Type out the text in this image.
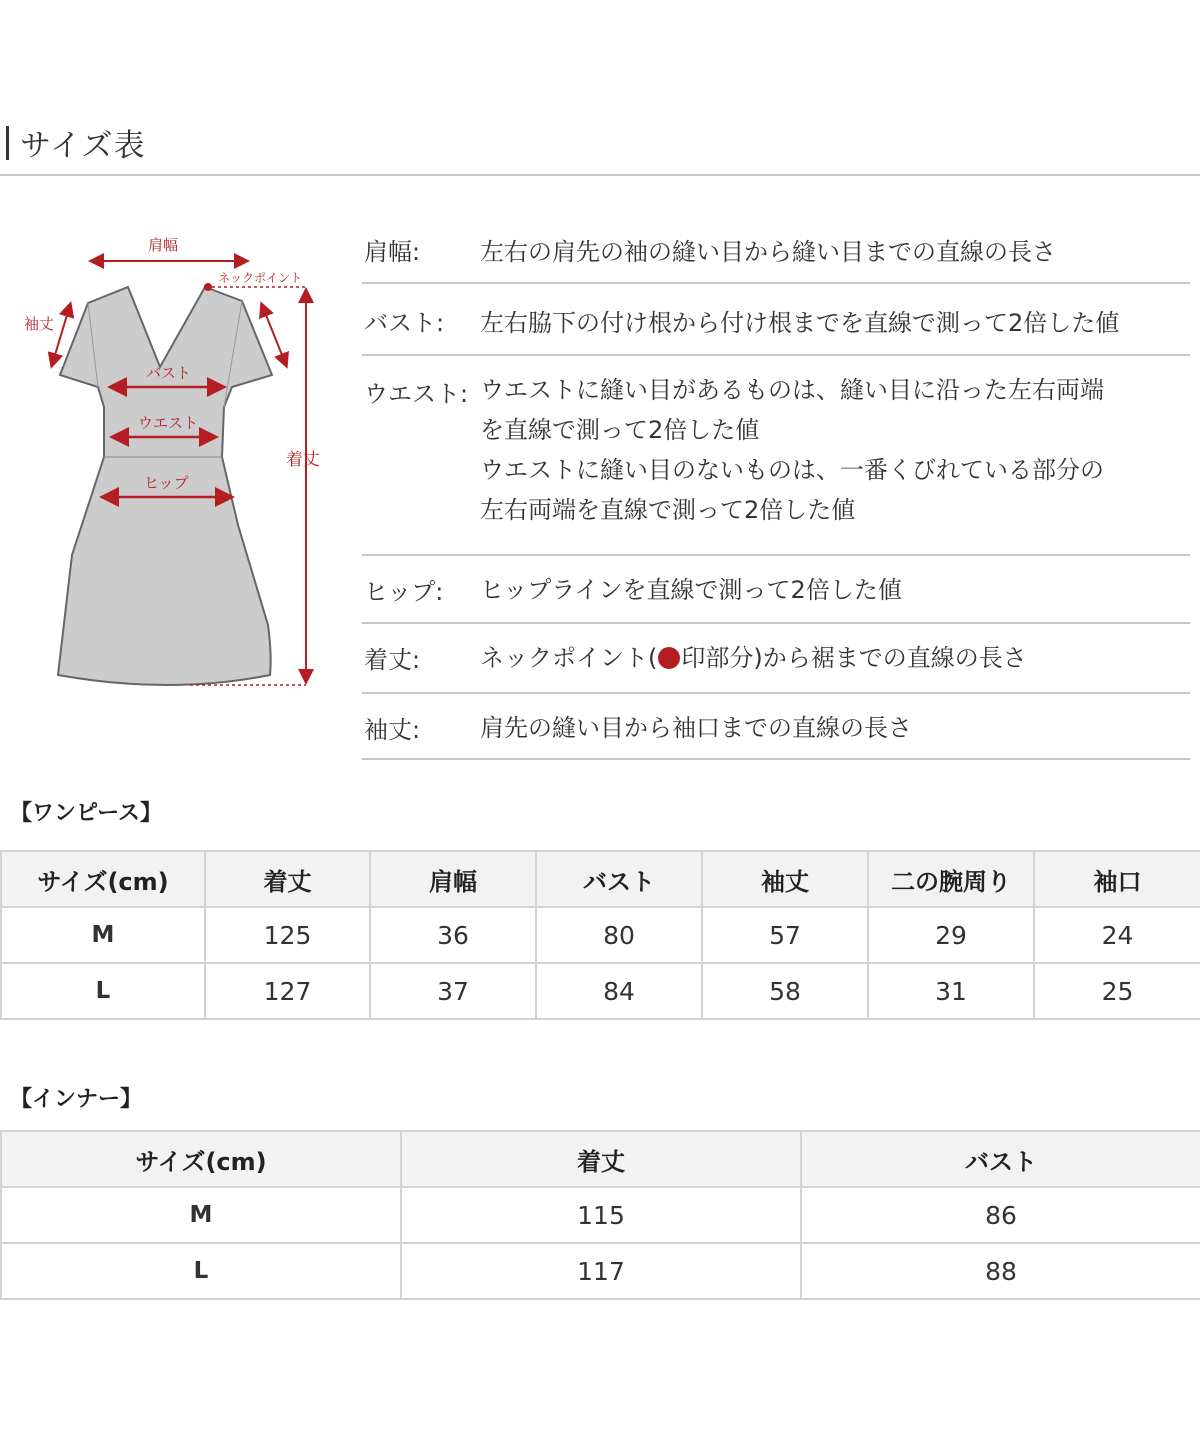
サイズ表
肩幅
ネックポイント
袖丈
バスト
ウエスト
ヒップ
着丈
肩幅: 左右の肩先の袖の縫い目から縫い目までの直線の長さ
バスト: 左右脇下の付け根から付け根までを直線で測って2倍した値
ウエスト: ウエストに縫い目があるものは、縫い目に沿った左右両端
を直線で測って2倍した値
ウエストに縫い目のないものは、一番くびれている部分の
左右両端を直線で測って2倍した値
ヒップ: ヒップラインを直線で測って2倍した値
着丈: ネックポイント( 印部分)から裾までの直線の長さ
袖丈: 肩先の縫い目から袖口までの直線の長さ
【ワンピース】
サイズ(cm)	着丈	肩幅	バスト	袖丈	二の腕周り	袖口
M	125	36	80	57	29	24
L	127	37	84	58	31	25
【インナー】
サイズ(cm)	着丈	バスト
M	115	86
L	117	88
